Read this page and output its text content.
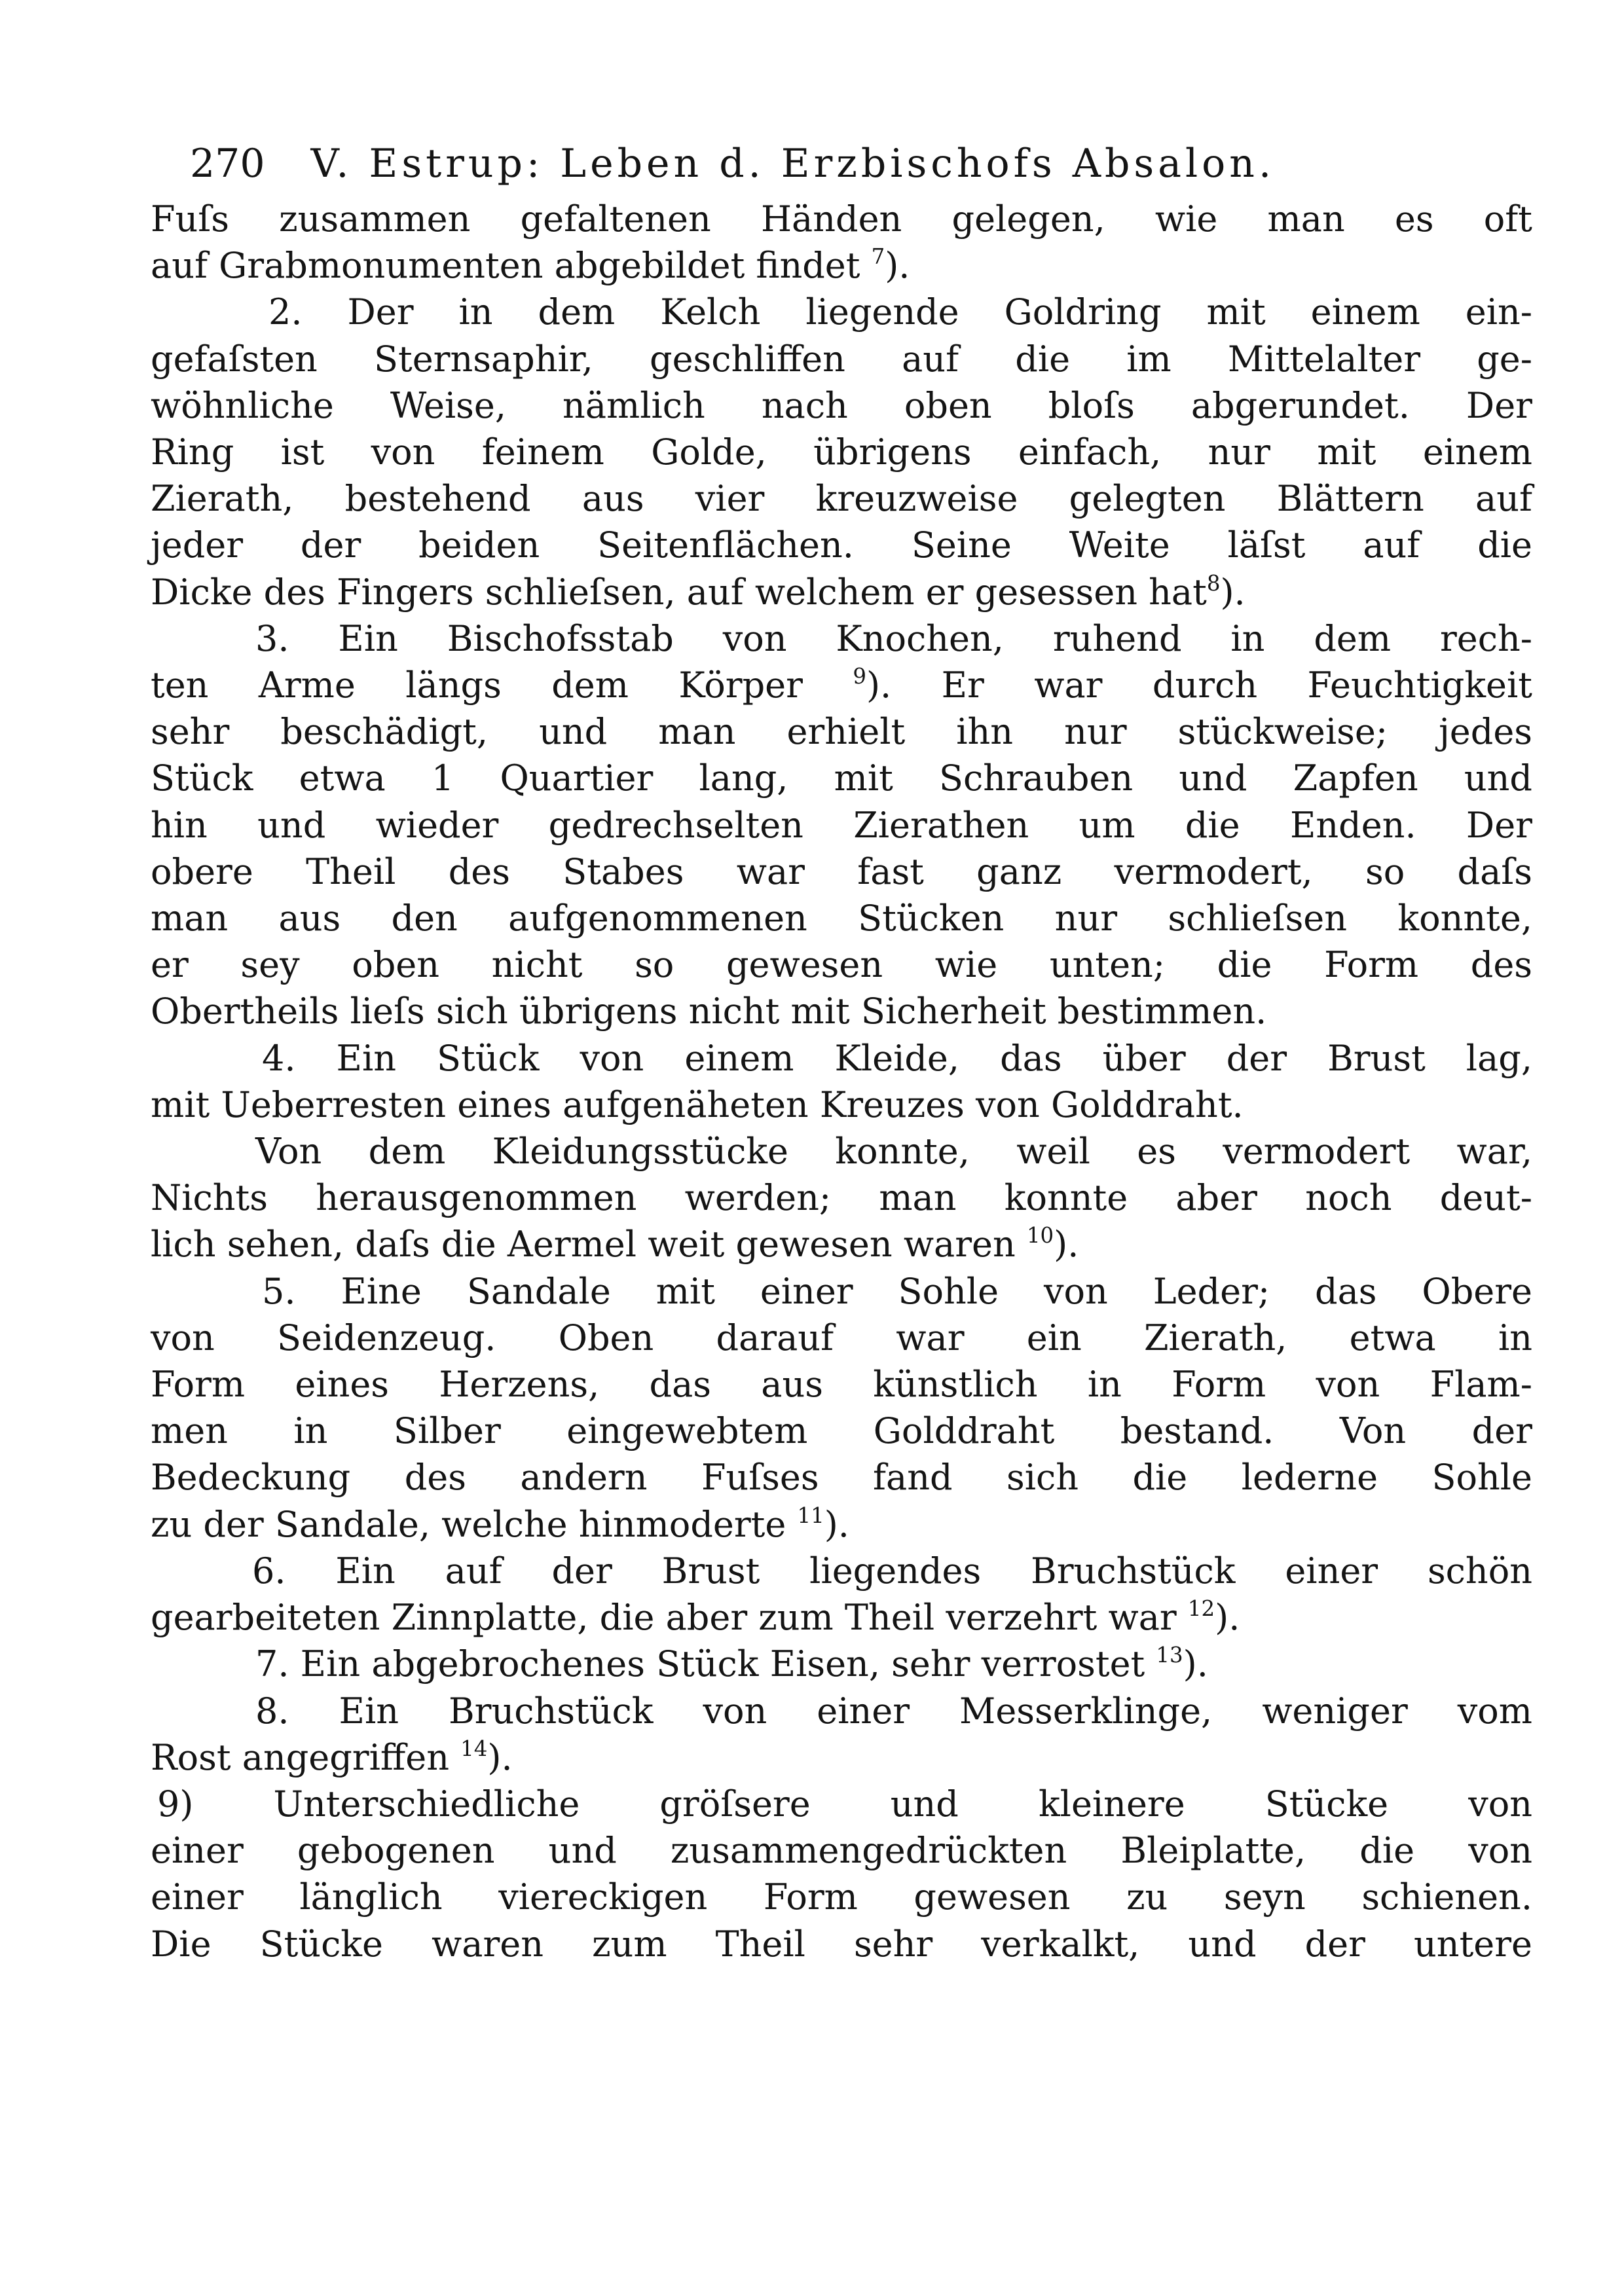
270 V. Estrup: Leben d. Erzbischofs Absalon.

Fuſs zusammen gefaltenen Händen gelegen, wie man es oft

auf Grabmonumenten abgebildet findet $^7$).

2. Der in dem Kelch liegende Goldring mit einem ein-

gefaſsten Sternsaphir, geschliffen auf die im Mittelalter ge-

wöhnliche Weise, nämlich nach oben bloſs abgerundet. Der

Ring ist von feinem Golde, übrigens einfach, nur mit einem

Zierath, bestehend aus vier kreuzweise gelegten Blättern auf

jeder der beiden Seitenflächen. Seine Weite läſst auf die

Dicke des Fingers schlieſsen, auf welchem er gesessen hat$^8$).

3. Ein Bischofsstab von Knochen, ruhend in dem rech-

ten Arme längs dem Körper $^9$). Er war durch Feuchtigkeit

sehr beschädigt, und man erhielt ihn nur stückweise; jedes

Stück etwa 1 Quartier lang, mit Schrauben und Zapfen und

hin und wieder gedrechselten Zierathen um die Enden. Der

obere Theil des Stabes war fast ganz vermodert, so daſs

man aus den aufgenommenen Stücken nur schlieſsen konnte,

er sey oben nicht so gewesen wie unten; die Form des

Obertheils lieſs sich übrigens nicht mit Sicherheit bestimmen.

4. Ein Stück von einem Kleide, das über der Brust lag,

mit Ueberresten eines aufgenäheten Kreuzes von Golddraht.

Von dem Kleidungsstücke konnte, weil es vermodert war,

Nichts herausgenommen werden; man konnte aber noch deut-

lich sehen, daſs die Aermel weit gewesen waren $^{10}$).

5. Eine Sandale mit einer Sohle von Leder; das Obere

von Seidenzeug. Oben darauf war ein Zierath, etwa in

Form eines Herzens, das aus künstlich in Form von Flam-

men in Silber eingewebtem Golddraht bestand. Von der

Bedeckung des andern Fuſses fand sich die lederne Sohle

zu der Sandale, welche hinmoderte $^{11}$).

6. Ein auf der Brust liegendes Bruchstück einer schön

gearbeiteten Zinnplatte, die aber zum Theil verzehrt war $^{12}$).

7. Ein abgebrochenes Stück Eisen, sehr verrostet $^{13}$).

8. Ein Bruchstück von einer Messerklinge, weniger vom

Rost angegriffen $^{14}$).

9) Unterschiedliche gröſsere und kleinere Stücke von

einer gebogenen und zusammengedrückten Bleiplatte, die von

einer länglich viereckigen Form gewesen zu seyn schienen.

Die Stücke waren zum Theil sehr verkalkt, und der untere
